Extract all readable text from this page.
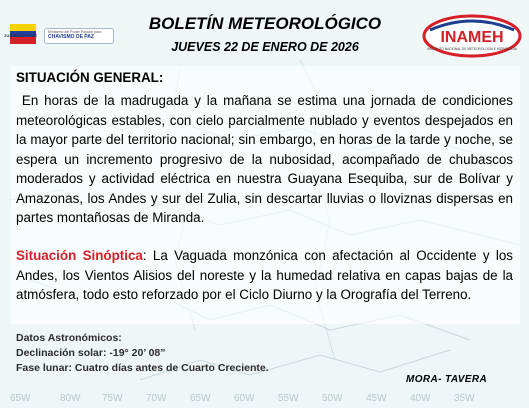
Ministerio del Poder Popular para
CHAVISMO DE PAZ
JUSTICIA Y PAZ
BOLETÍN METEOROLÓGICO
JUEVES 22 DE ENERO DE 2026
INAMEH
INSTITUTO NACIONAL DE METEOROLOGÍA E HIDROLOGÍA
SITUACIÓN GENERAL:

En horas de la madrugada y la mañana se estima una jornada de condiciones meteorológicas estables, con cielo parcialmente nublado y eventos despejados en la mayor parte del territorio nacional; sin embargo, en horas de la tarde y noche, se espera un incremento progresivo de la nubosidad, acompañado de chubascos moderados y actividad eléctrica en nuestra Guayana Esequiba, sur de Bolívar y Amazonas, los Andes y sur del Zulia, sin descartar lluvias o lloviznas dispersas en partes montañosas de Miranda.

Situación Sinóptica: La Vaguada monzónica con afectación al Occidente y los Andes, los Vientos Alisios del noreste y la humedad relativa en capas bajas de la atmósfera, todo esto reforzado por el Ciclo Diurno y la Orografía del Terreno.

Datos Astronómicos:
Declinación solar: -19° 20’ 08”
Fase lunar: Cuatro días antes de Cuarto Creciente.
MORA- TAVERA
65W	80W 75W 70W 65W 60W 55W 50W 45W 40W 35W
